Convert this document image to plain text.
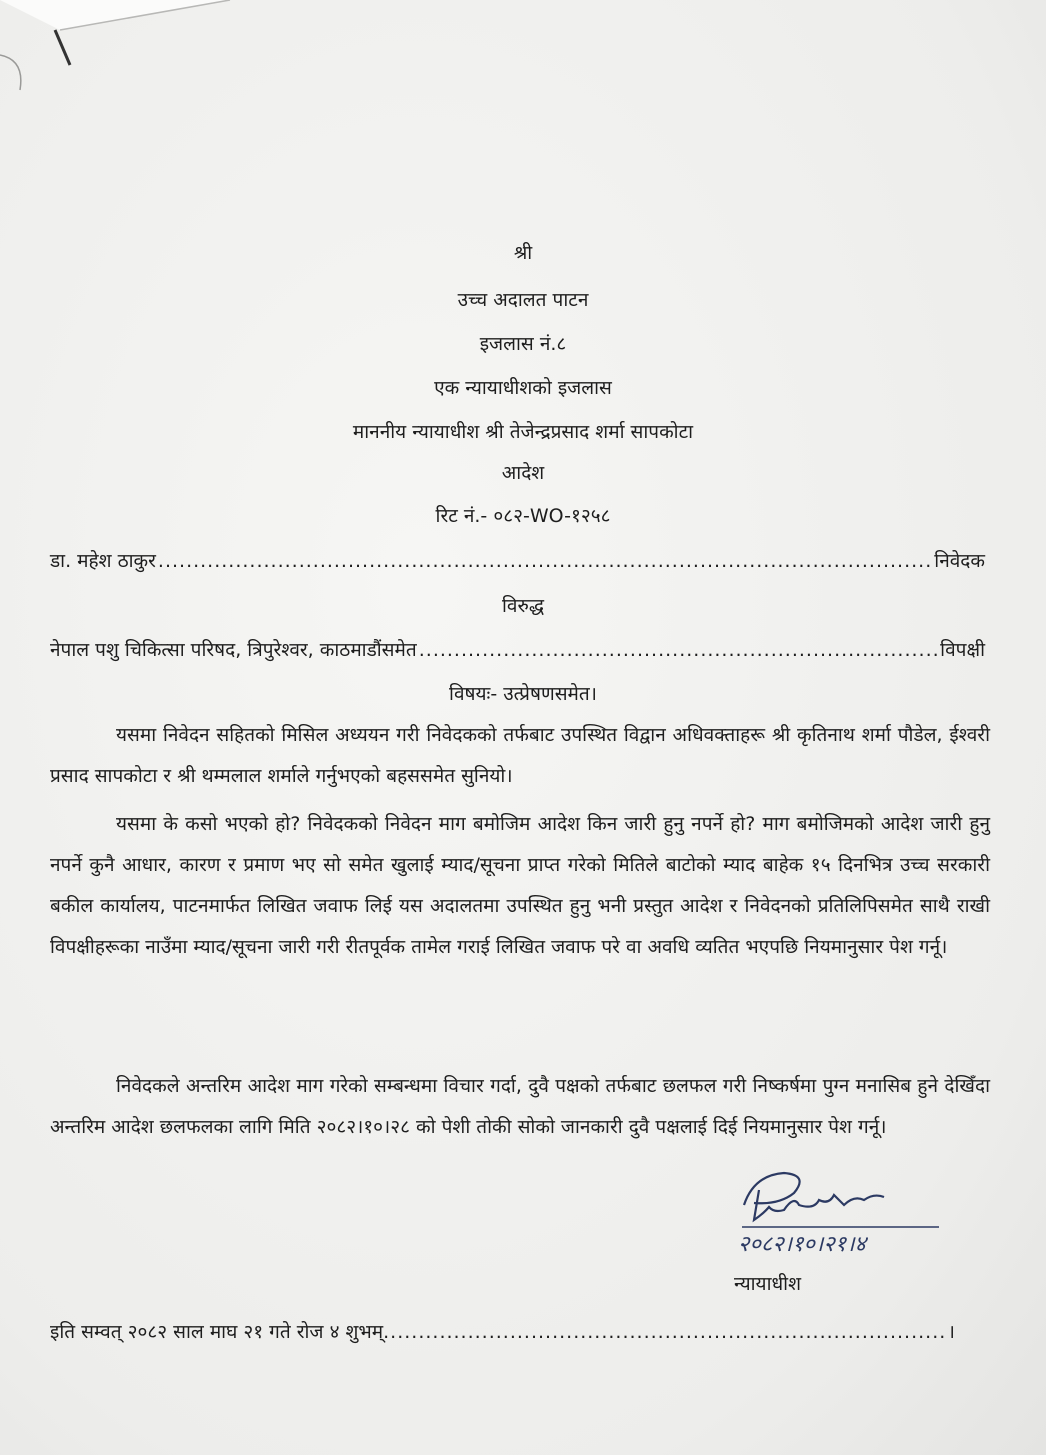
श्री
उच्च अदालत पाटन
इजलास नं.८
एक न्यायाधीशको इजलास
माननीय न्यायाधीश श्री तेजेन्द्रप्रसाद शर्मा सापकोटा
आदेश
रिट नं.- ०८२-WO-१२५८
डा. महेश ठाकुर .....	निवेदक
विरुद्ध
नेपाल पशु चिकित्सा परिषद, त्रिपुरेश्वर, काठमाडौंसमेत .....	विपक्षी
विषयः- उत्प्रेषणसमेत।

यसमा निवेदन सहितको मिसिल अध्ययन गरी निवेदकको तर्फबाट उपस्थित विद्वान अधिवक्ताहरू श्री कृतिनाथ शर्मा पौडेल, ईश्वरी प्रसाद सापकोटा र श्री थम्मलाल शर्माले गर्नुभएको बहससमेत सुनियो।

यसमा के कसो भएको हो? निवेदकको निवेदन माग बमोजिम आदेश किन जारी हुनु नपर्ने हो? माग बमोजिमको आदेश जारी हुनु नपर्ने कुनै आधार, कारण र प्रमाण भए सो समेत खुलाई म्याद/सूचना प्राप्त गरेको मितिले बाटोको म्याद बाहेक १५ दिनभित्र उच्च सरकारी बकील कार्यालय, पाटनमार्फत लिखित जवाफ लिई यस अदालतमा उपस्थित हुनु भनी प्रस्तुत आदेश र निवेदनको प्रतिलिपिसमेत साथै राखी विपक्षीहरूका नाउँमा म्याद/सूचना जारी गरी रीतपूर्वक तामेल गराई लिखित जवाफ परे वा अवधि व्यतित भएपछि नियमानुसार पेश गर्नू।

निवेदकले अन्तरिम आदेश माग गरेको सम्बन्धमा विचार गर्दा, दुवै पक्षको तर्फबाट छलफल गरी निष्कर्षमा पुग्न मनासिब हुने देखिँदा अन्तरिम आदेश छलफलका लागि मिति २०८२।१०।२८ को पेशी तोकी सोको जानकारी दुवै पक्षलाई दिई नियमानुसार पेश गर्नू।

२०८२।१०।२१।४
न्यायाधीश
इति सम्वत् २०८२ साल माघ २१ गते रोज ४ शुभम् .....	।
